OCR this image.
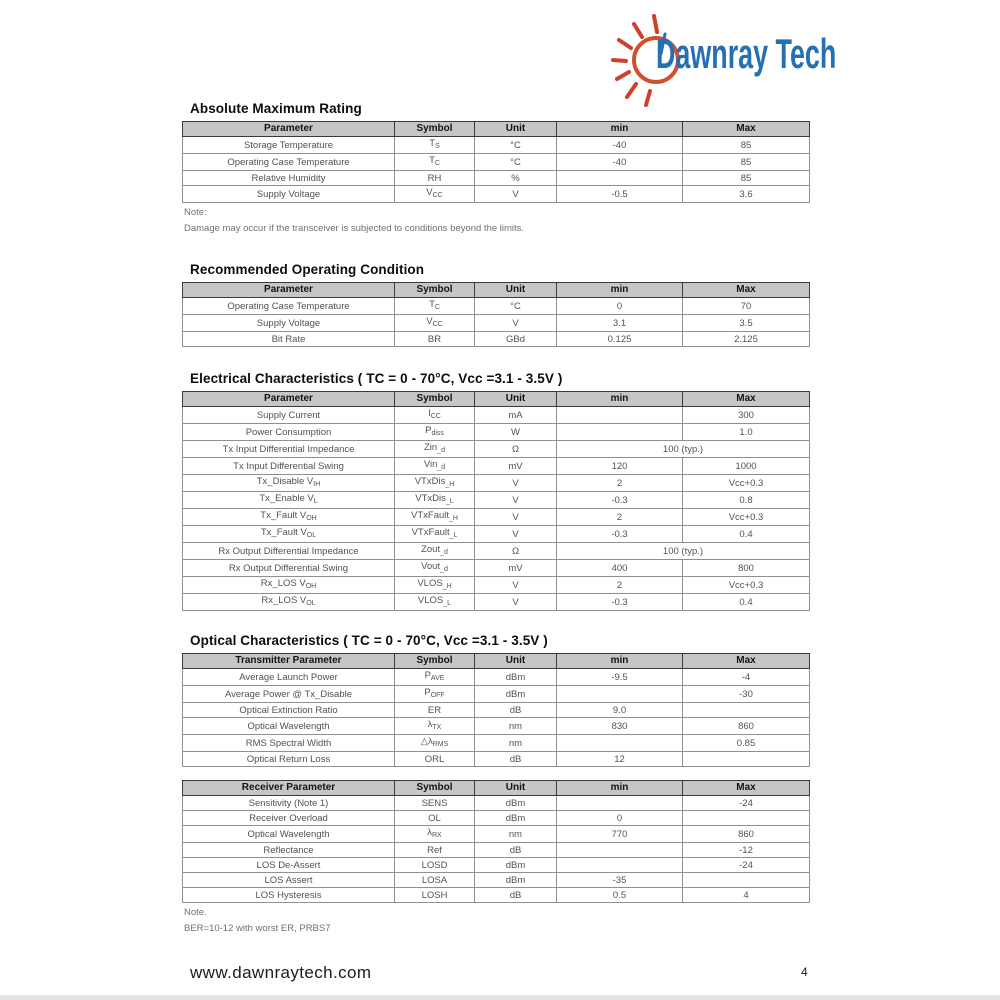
Dawnray Tech
Absolute Maximum Rating
Parameter	Symbol	Unit	min	Max
Storage Temperature	$T_S$	°C	-40	85
Operating Case Temperature	$T_C$	°C	-40	85
Relative Humidity	RH	%		85
Supply Voltage	$V_{CC}$	V	-0.5	3.6
Note:
Damage may occur if the transceiver is subjected to conditions beyond the limits.
Recommended Operating Condition
Parameter	Symbol	Unit	min	Max
Operating Case Temperature	$T_C$	°C	0	70
Supply Voltage	$V_{CC}$	V	3.1	3.5
Bit Rate	BR	GBd	0.125	2.125
Electrical Characteristics ( TC = 0 - 70°C, Vcc =3.1 - 3.5V )
Parameter	Symbol	Unit	min	Max
Supply Current	$I_{CC}$	mA		300
Power Consumption	$P_{diss}$	W		1.0
Tx Input Differential Impedance	Zin$_{\_d}$	Ω	100 (typ.)	
Tx Input Differential Swing	Vin$_{\_d}$	mV	120	1000
Tx_Disable $V_{IH}$	VTxDis$_{\_H}$	V	2	Vcc+0.3
Tx_Enable $V_L$	VTxDis$_{\_L}$	V	-0.3	0.8
Tx_Fault $V_{OH}$	VTxFault$_{\_H}$	V	2	Vcc+0.3
Tx_Fault $V_{OL}$	VTxFault$_{\_L}$	V	-0.3	0.4
Rx Output Differential Impedance	Zout$_{\_d}$	Ω	100 (typ.)	
Rx Output Differential Swing	Vout$_{\_d}$	mV	400	800
Rx_LOS $V_{OH}$	$VLOS_{\_H}$	V	2	Vcc+0.3
Rx_LOS $V_{OL}$	$VLOS_{\_L}$	V	-0.3	0.4
Optical Characteristics ( TC = 0 - 70°C, Vcc =3.1 - 3.5V )
Transmitter Parameter	Symbol	Unit	min	Max
Average Launch Power	$P_{AVE}$	dBm	-9.5	-4
Average Power @ Tx_Disable	$P_{OFF}$	dBm		-30
Optical Extinction Ratio	ER	dB	9.0	
Optical Wavelength	$\lambda_{TX}$	nm	830	860
RMS Spectral Width	$\triangle\lambda_{RMS}$	nm		0.85
Optical Return Loss	ORL	dB	12	
Receiver Parameter	Symbol	Unit	min	Max
Sensitivity (Note 1)	SENS	dBm		-24
Receiver Overload	OL	dBm	0	
Optical Wavelength	$\lambda_{RX}$	nm	770	860
Reflectance	Ref	dB		-12
LOS De-Assert	LOSD	dBm		-24
LOS Assert	LOSA	dBm	-35	
LOS Hysteresis	LOSH	dB	0.5	4
Note.
BER=10-12 with worst ER, PRBS7
www.dawnraytech.com	4
